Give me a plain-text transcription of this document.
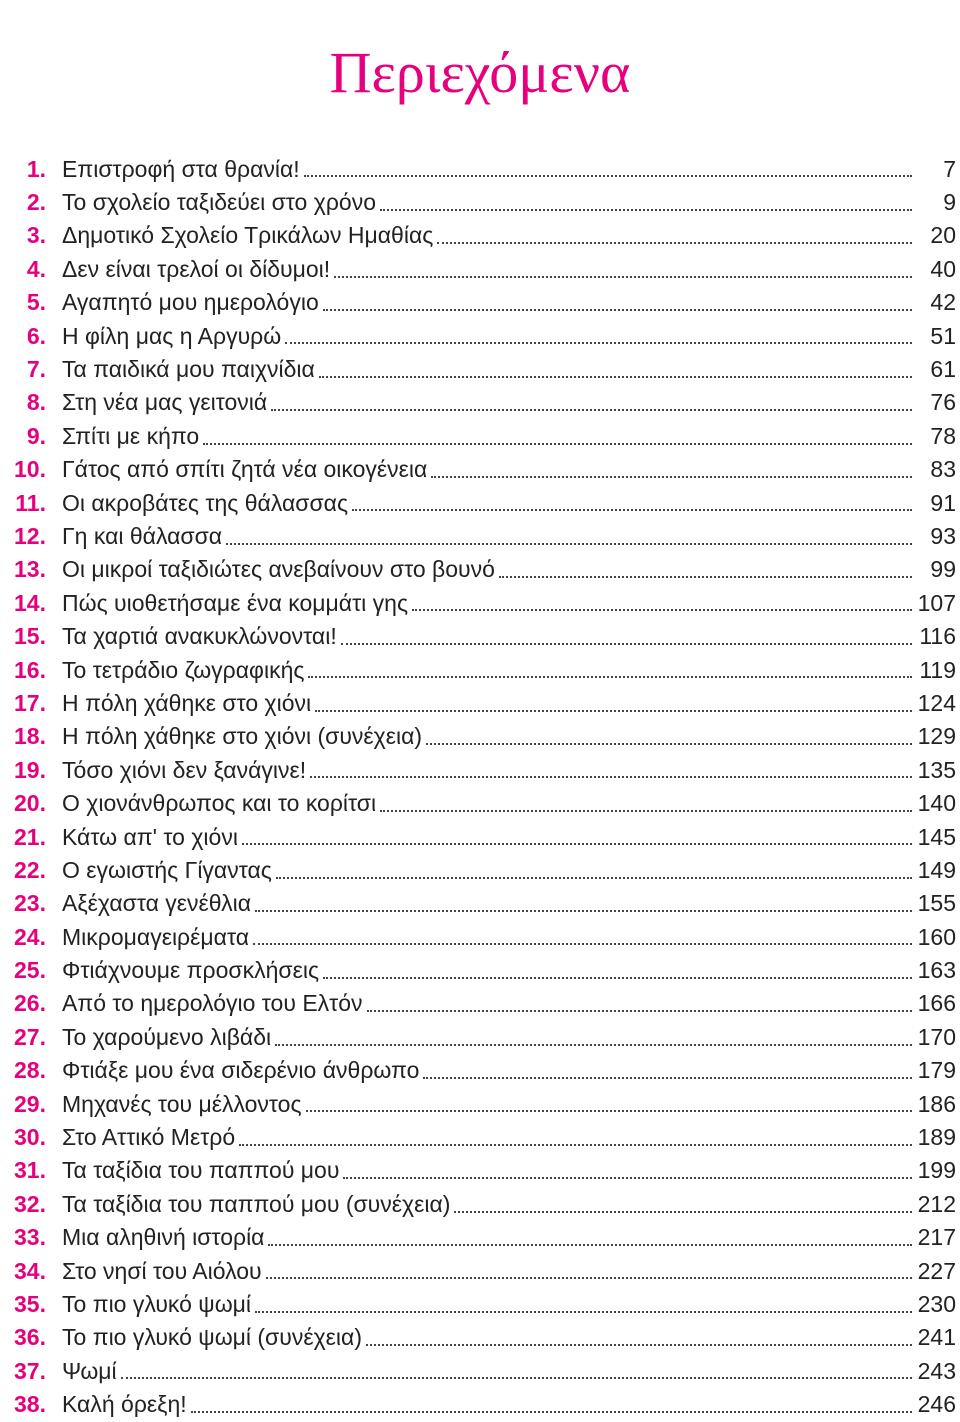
Περιεχόμενα
1. Επιστροφή στα θρανία!	7
2. Το σχολείο ταξιδεύει στο χρόνο	9
3. Δημοτικό Σχολείο Τρικάλων Ημαθίας	20
4. Δεν είναι τρελοί οι δίδυμοι!	40
5. Αγαπητό μου ημερολόγιο	42
6. Η φίλη μας η Αργυρώ	51
7. Τα παιδικά μου παιχνίδια	61
8. Στη νέα μας γειτονιά	76
9. Σπίτι με κήπο	78
10. Γάτος από σπίτι ζητά νέα οικογένεια	83
11. Οι ακροβάτες της θάλασσας	91
12. Γη και θάλασσα	93
13. Οι μικροί ταξιδιώτες ανεβαίνουν στο βουνό	99
14. Πώς υιοθετήσαμε ένα κομμάτι γης	107
15. Τα χαρτιά ανακυκλώνονται!	116
16. Το τετράδιο ζωγραφικής	119
17. Η πόλη χάθηκε στο χιόνι	124
18. Η πόλη χάθηκε στο χιόνι (συνέχεια)	129
19. Τόσο χιόνι δεν ξανάγινε!	135
20. Ο χιονάνθρωπος και το κορίτσι	140
21. Κάτω απ' το χιόνι	145
22. Ο εγωιστής Γίγαντας	149
23. Αξέχαστα γενέθλια	155
24. Μικρομαγειρέματα	160
25. Φτιάχνουμε προσκλήσεις	163
26. Από το ημερολόγιο του Ελτόν	166
27. Το χαρούμενο λιβάδι	170
28. Φτιάξε μου ένα σιδερένιο άνθρωπο	179
29. Μηχανές του μέλλοντος	186
30. Στο Αττικό Μετρό	189
31. Τα ταξίδια του παππού μου	199
32. Τα ταξίδια του παππού μου (συνέχεια)	212
33. Μια αληθινή ιστορία	217
34. Στο νησί του Αιόλου	227
35. Το πιο γλυκό ψωμί	230
36. Το πιο γλυκό ψωμί (συνέχεια)	241
37. Ψωμί	243
38. Καλή όρεξη!	246
